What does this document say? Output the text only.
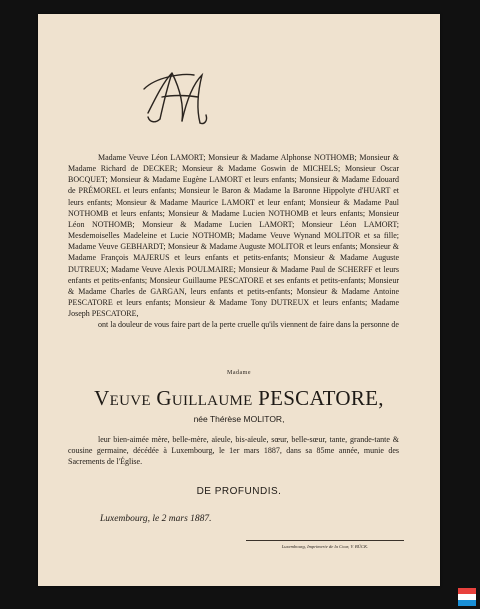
Madame Veuve Léon LAMORT; Monsieur & Madame Alphonse NOTHOMB; Monsieur & Madame Richard de DECKER; Monsieur & Madame Goswin de MICHELS; Monsieur Oscar BOCQUET; Monsieur & Madame Eugène LAMORT et leurs enfants; Monsieur & Madame Edouard de PRÉMOREL et leurs enfants; Monsieur le Baron & Madame la Baronne Hippolyte d'HUART et leurs enfants; Monsieur & Madame Maurice LAMORT et leur enfant; Monsieur & Madame Paul NOTHOMB et leurs enfants; Monsieur & Madame Lucien NOTHOMB et leurs enfants; Monsieur Léon NOTHOMB; Monsieur & Madame Lucien LAMORT; Monsieur Léon LAMORT; Mesdemoiselles Madeleine et Lucie NOTHOMB; Madame Veuve Wynand MOLITOR et sa fille; Madame Veuve GEBHARDT; Monsieur & Madame Auguste MOLITOR et leurs enfants; Monsieur & Madame François MAJERUS et leurs enfants et petits-enfants; Monsieur & Madame Auguste DUTREUX; Madame Veuve Alexis POULMAIRE; Monsieur & Madame Paul de SCHERFF et leurs enfants et petits-enfants; Monsieur Guillaume PESCATORE et ses enfants et petits-enfants; Monsieur & Madame Charles de GARGAN, leurs enfants et petits-enfants; Monsieur & Madame Antoine PESCATORE et leurs enfants; Monsieur & Madame Tony DUTREUX et leurs enfants; Madame Joseph PESCATORE,

ont la douleur de vous faire part de la perte cruelle qu'ils viennent de faire dans la personne de

Madame
Veuve Guillaume PESCATORE,
née Thérèse MOLITOR,
leur bien-aimée mère, belle-mère, aïeule, bis-aïeule, sœur, belle-sœur, tante, grande-tante & cousine germaine, décédée à Luxembourg, le 1er mars 1887, dans sa 85me année, munie des Sacrements de l'Église.
DE PROFUNDIS.
Luxembourg, le 2 mars 1887.
Luxembourg, Imprimerie de la Cour, V. BÜCK.
